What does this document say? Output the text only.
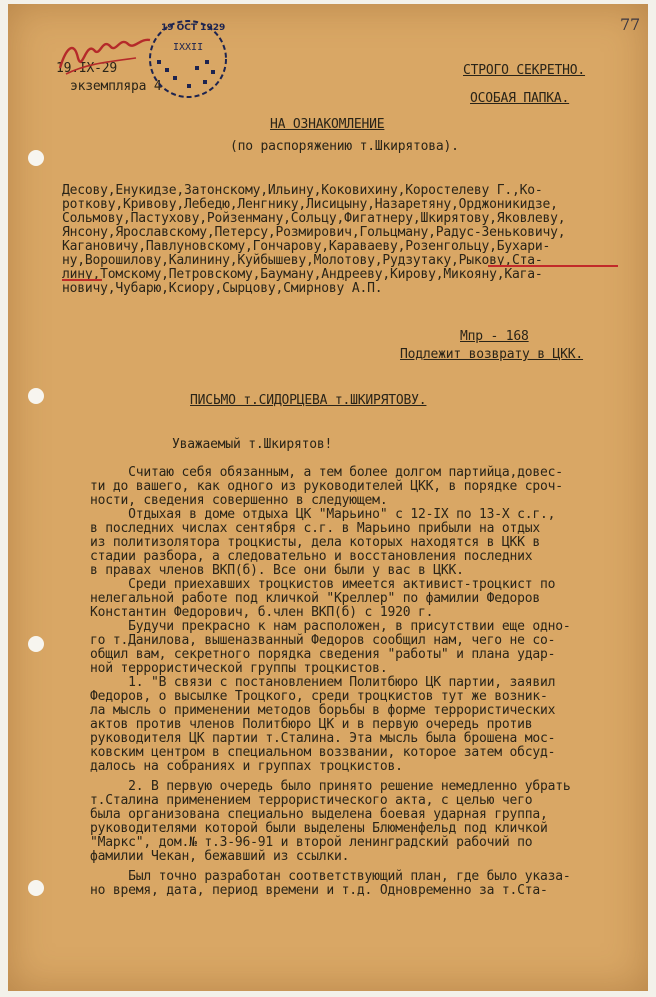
19.IX-29
экземпляра 4
19 OCT 1929
IXXII
77
СТРОГО СЕКРЕТНО.
ОСОБАЯ ПАПКА.
НА ОЗНАКОМЛЕНИЕ
(по распоряжению т.Шкирятова).
Десову,Енукидзе,Затонскому,Ильину,Коковихину,Коростелеву Г.,Ко-
роткову,Кривову,Лебедю,Ленгнику,Лисицыну,Назаретяну,Орджоникидзе,
Сольмову,Пастухову,Ройзенману,Сольцу,Фигатнеру,Шкирятову,Яковлеву,
Янсону,Ярославскому,Петерсу,Розмирович,Гольцману,Радус-Зеньковичу,
Кагановичу,Павлуновскому,Гончарову,Караваеву,Розенгольцу,Бухари-
ну,Ворошилову,Калинину,Куйбышеву,Молотову,Рудзутаку,Рыкову,Ста-
лину,Томскому,Петровскому,Бауману,Андрееву,Кирову,Микояну,Кага-
новичу,Чубарю,Ксиору,Сырцову,Смирнову А.П.
Мпр - 168
Подлежит возврату в ЦКК.
ПИСЬМО т.СИДОРЦЕВА т.ШКИРЯТОВУ.
Уважаемый т.Шкирятов!
Считаю себя обязанным, а тем более долгом партийца,довес-
ти до вашего, как одного из руководителей ЦКК, в порядке сроч-
ности, сведения совершенно в следующем.
Отдыхая в доме отдыха ЦК "Марьино" с 12-IX по 13-X с.г.,
в последних числах сентября с.г. в Марьино прибыли на отдых
из политизолятора троцкисты, дела которых находятся в ЦКК в
стадии разбора, а следовательно и восстановления последних
в правах членов ВКП(б). Все они были у вас в ЦКК.
Среди приехавших троцкистов имеется активист-троцкист по
нелегальной работе под кличкой "Креллер" по фамилии Федоров
Константин Федорович, б.член ВКП(б) с 1920 г.
Будучи прекрасно к нам расположен, в присутствии еще одно-
го т.Данилова, вышеназванный Федоров сообщил нам, чего не со-
общил вам, секретного порядка сведения "работы" и плана удар-
ной террористической группы троцкистов.
1. "В связи с постановлением Политбюро ЦК партии, заявил
Федоров, о высылке Троцкого, среди троцкистов тут же возник-
ла мысль о применении методов борьбы в форме террористических
актов против членов Политбюро ЦК и в первую очередь против
руководителя ЦК партии т.Сталина. Эта мысль была брошена мос-
ковским центром в специальном воззвании, которое затем обсуд-
далось на собраниях и группах троцкистов.
2. В первую очередь было принято решение немедленно убрать
т.Сталина применением террористического акта, с целью чего
была организована специально выделена боевая ударная группа,
руководителями которой были выделены Блюменфельд под кличкой
"Маркс", дом.№ т.3-96-91 и второй ленинградский рабочий по
фамилии Чекан, бежавший из ссылки.
Был точно разработан соответствующий план, где было указа-
но время, дата, период времени и т.д. Одновременно за т.Ста-
